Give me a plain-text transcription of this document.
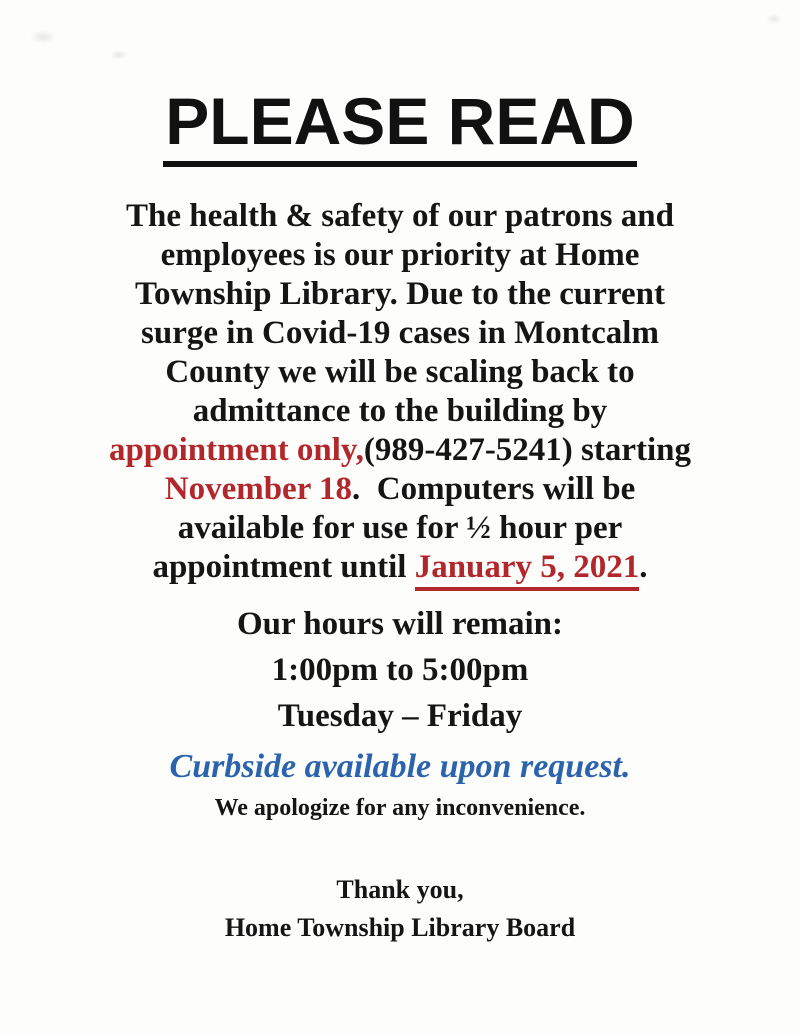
PLEASE READ
The health & safety of our patrons and
employees is our priority at Home
Township Library. Due to the current
surge in Covid-19 cases in Montcalm
County we will be scaling back to
admittance to the building by
appointment only,(989-427-5241) starting
November 18.  Computers will be
available for use for ½ hour per
appointment until January 5, 2021.
Our hours will remain:
1:00pm to 5:00pm
Tuesday – Friday
Curbside available upon request.
We apologize for any inconvenience.
Thank you,
Home Township Library Board
